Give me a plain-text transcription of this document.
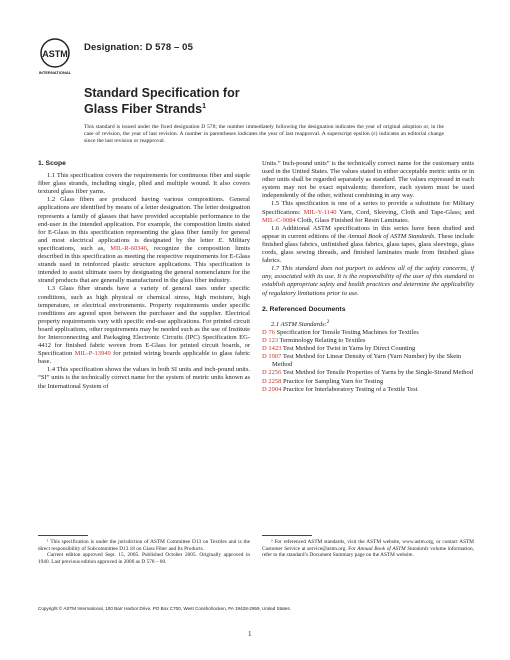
ASTM
INTERNATIONAL
Designation: D 578 – 05
Standard Specification for
Glass Fiber Strands$^1$
This standard is issued under the fixed designation D 578; the number immediately following the designation indicates the year of original adoption or, in the case of revision, the year of last revision. A number in parentheses indicates the year of last reapproval. A superscript epsilon (ε) indicates an editorial change since the last revision or reapproval.
1. Scope

1.1 This specification covers the requirements for continuous fiber and staple fiber glass strands, including single, plied and multiple wound. It also covers textured glass fiber yarns.

1.2 Glass fibers are produced having various compositions. General applications are identified by means of a letter designation. The letter designation represents a family of glasses that have provided acceptable performance to the end-user in the intended application. For example, the composition limits stated for E-Glass in this specification representing the glass fiber family for general and most electrical applications is designated by the letter E. Military specifications, such as, MIL-R-60346, recognize the composition limits described in this specification as meeting the respective requirements for E-Glass strands used in reinforced plastic structure applications. This specification is intended to assist ultimate users by designating the general nomenclature for the strand products that are generally manufactured in the glass fiber industry.

1.3 Glass fiber strands have a variety of general uses under specific conditions, such as high physical or chemical stress, high moisture, high temperature, or electrical environments. Property requirements under specific conditions are agreed upon between the purchaser and the supplier. Electrical property requirements vary with specific end-use applications. For printed circuit board applications, other requirements may be needed such as the use of Institute for Interconnecting and Packaging Electronic Circuits (IPC) Specification EG-4412 for finished fabric woven from E-Glass for printed circuit boards, or Specification MIL-P-13949 for printed wiring boards applicable to glass fabric base.

1.4 This specification shows the values in both SI units and inch-pound units. “SI” units is the technically correct name for the system of metric units known as the International System of

Units.” Inch-pound units” is the technically correct name for the customary units used in the United States. The values stated in either acceptable metric units or in other units shall be regarded separately as standard. The values expressed in each system may not be exact equivalents; therefore, each system must be used independently of the other, without combining in any way.

1.5 This specification is one of a series to provide a substitute for Military Specifications: MIL-Y-1140 Yarn, Cord, Sleeving, Cloth and Tape-Glass; and MIL-C-9084 Cloth, Glass Finished for Resin Laminates.

1.6 Additional ASTM specifications in this series have been drafted and appear in current editions of the Annual Book of ASTM Standards. These include finished glass fabrics, unfinished glass fabrics, glass tapes, glass sleevings, glass cords, glass sewing threads, and finished laminates made from finished glass fabrics.

1.7 This standard does not purport to address all of the safety concerns, if any, associated with its use. It is the responsibility of the user of this standard to establish appropriate safety and health practices and determine the applicability of regulatory limitations prior to use.

2. Referenced Documents

2.1 ASTM Standards:$^2$

D 76 Specification for Tensile Testing Machines for Textiles

D 123 Terminology Relating to Textiles

D 1423 Test Method for Twist in Yarns by Direct Counting

D 1907 Test Method for Linear Density of Yarn (Yarn Number) by the Skein Method

D 2256 Test Method for Tensile Properties of Yarns by the Single-Strand Method

D 2258 Practice for Sampling Yarn for Testing

D 2904 Practice for Interlaboratory Testing of a Textile Test

¹ This specification is under the jurisdiction of ASTM Committee D13 on Textiles and is the direct responsibility of Subcommittee D13.18 on Glass Fiber and Its Products.

Current edition approved Sept. 15, 2005. Published October 2005. Originally approved in 1940. Last previous edition approved in 2000 as D 578 – 00.

² For referenced ASTM standards, visit the ASTM website, www.astm.org, or contact ASTM Customer Service at service@astm.org. For Annual Book of ASTM Standards volume information, refer to the standard’s Document Summary page on the ASTM website.

Copyright © ASTM International, 100 Barr Harbor Drive, PO Box C700, West Conshohocken, PA 19428-2959, United States.
1
